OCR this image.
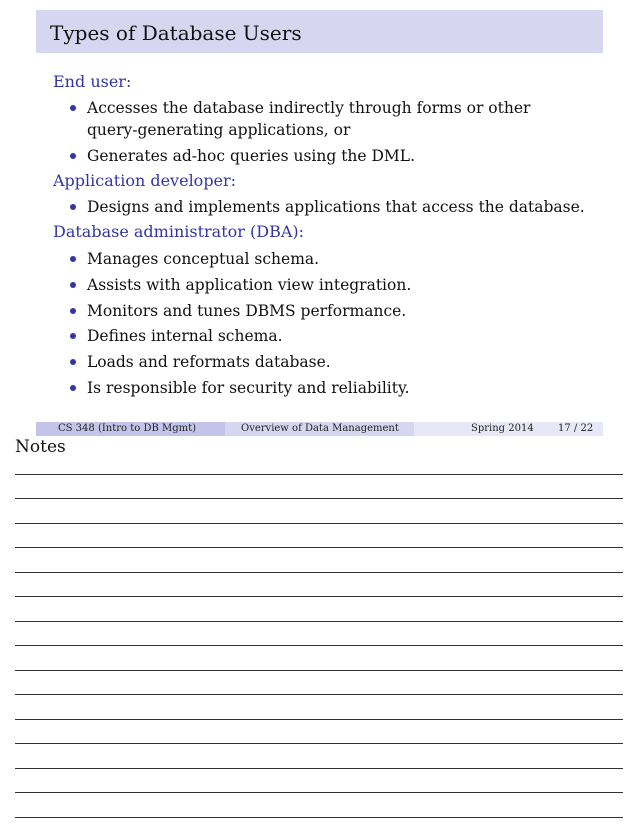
Types of Database Users
End user:
Accesses the database indirectly through forms or other
query-generating applications, or
Generates ad-hoc queries using the DML.
Application developer:
Designs and implements applications that access the database.
Database administrator (DBA):
Manages conceptual schema.
Assists with application view integration.
Monitors and tunes DBMS performance.
Defines internal schema.
Loads and reformats database.
Is responsible for security and reliability.
CS 348 (Intro to DB Mgmt)	Overview of Data Management	Spring 2014 17 / 22
Notes
